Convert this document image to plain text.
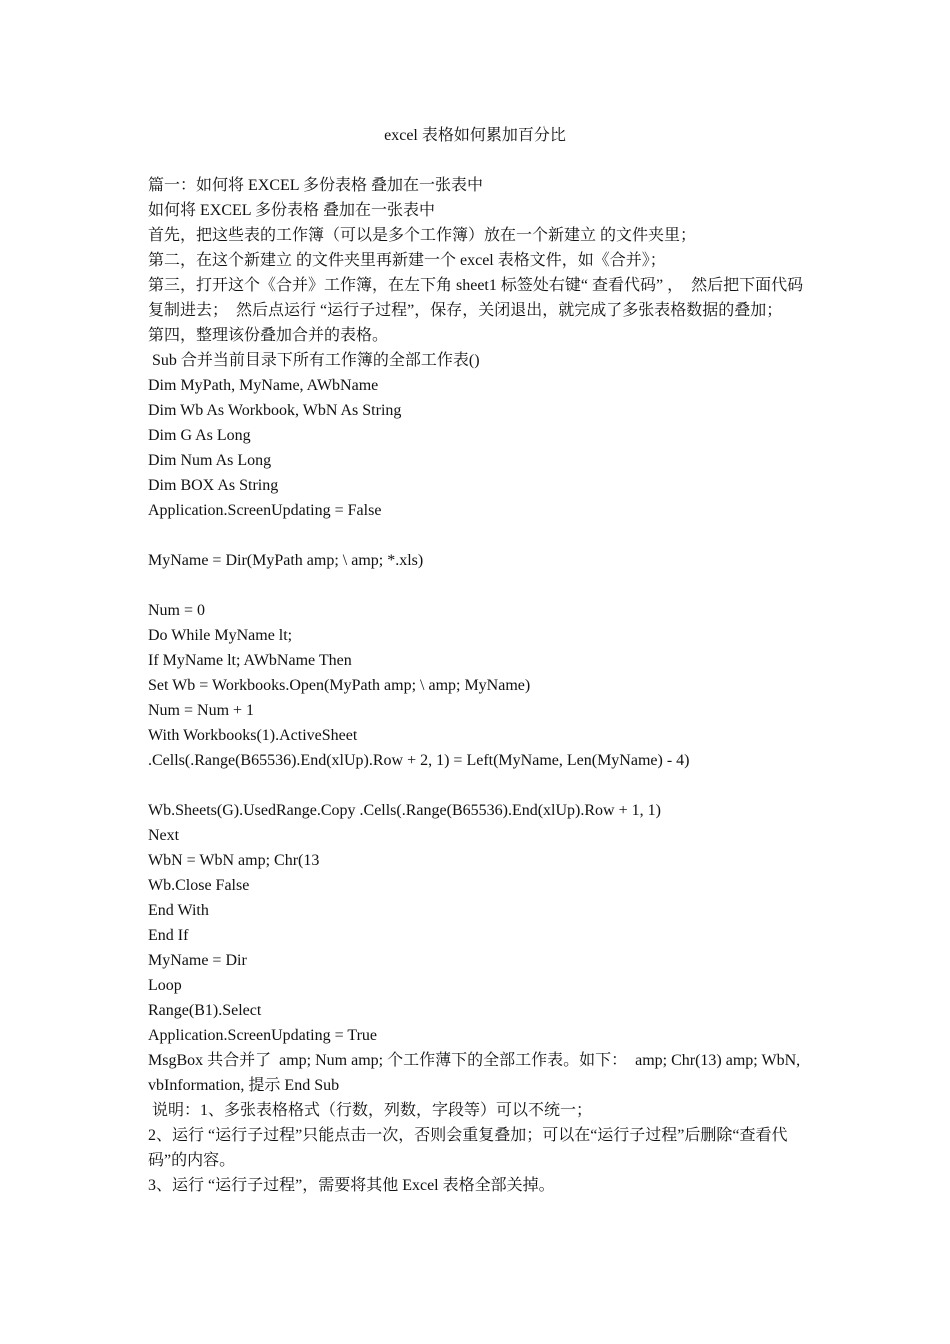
excel 表格如何累加百分比
篇一：如何将 EXCEL 多份表格 叠加在一张表中
如何将 EXCEL 多份表格 叠加在一张表中
首先，把这些表的工作簿（可以是多个工作簿）放在一个新建立 的文件夹里；
第二，在这个新建立 的文件夹里再新建一个 excel 表格文件，如《合并》；
第三，打开这个《合并》工作簿，在左下角 sheet1 标签处右键“ 查看代码” ，  然后把下面代码 复制进去；  然后点运行 “运行子过程”，保存，关闭退出，就完成了多张表格数据的叠加；
第四，整理该份叠加合并的表格。
Sub 合并当前目录下所有工作簿的全部工作表()
Dim MyPath, MyName, AWbName
Dim Wb As Workbook, WbN As String
Dim G As Long
Dim Num As Long
Dim BOX As String
Application.ScreenUpdating = False
MyName = Dir(MyPath amp; \ amp; *.xls)
Num = 0
Do While MyName lt;
If MyName lt; AWbName Then
Set Wb = Workbooks.Open(MyPath amp; \ amp; MyName)
Num = Num + 1
With Workbooks(1).ActiveSheet
.Cells(.Range(B65536).End(xlUp).Row + 2, 1) = Left(MyName, Len(MyName) - 4)
Wb.Sheets(G).UsedRange.Copy .Cells(.Range(B65536).End(xlUp).Row + 1, 1)
Next
WbN = WbN amp; Chr(13
Wb.Close False
End With
End If
MyName = Dir
Loop
Range(B1).Select
Application.ScreenUpdating = True
MsgBox 共合并了  amp; Num amp; 个工作薄下的全部工作表。如下：  amp; Chr(13) amp; WbN, vbInformation, 提示 End Sub
说明：1、多张表格格式（行数，列数，字段等）可以不统一；
2、运行 “运行子过程”只能点击一次，否则会重复叠加；可以在“运行子过程”后删除“查看代码”的内容。
3、运行 “运行子过程”，需要将其他 Excel 表格全部关掉。
